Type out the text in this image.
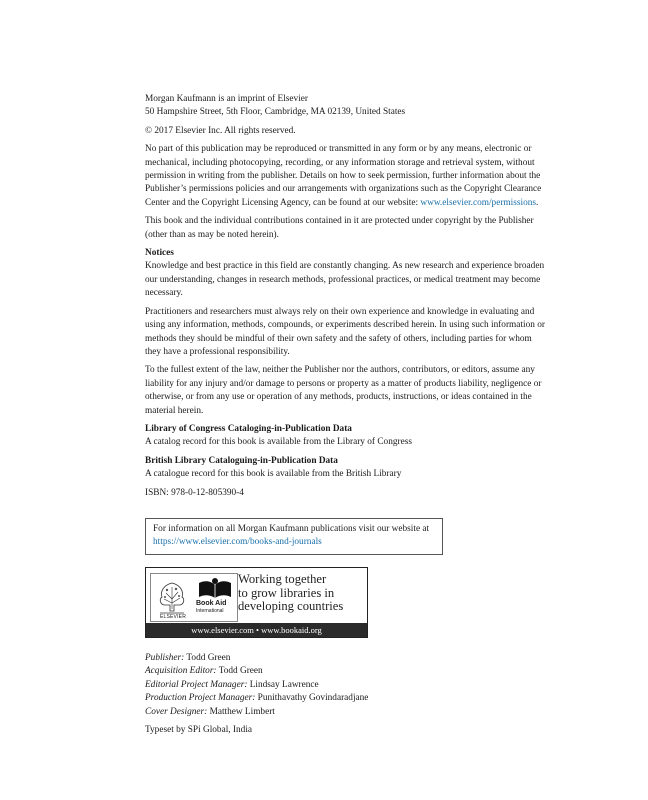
Morgan Kaufmann is an imprint of Elsevier

50 Hampshire Street, 5th Floor, Cambridge, MA 02139, United States

© 2017 Elsevier Inc. All rights reserved.

No part of this publication may be reproduced or transmitted in any form or by any means, electronic or mechanical, including photocopying, recording, or any information storage and retrieval system, without permission in writing from the publisher. Details on how to seek permission, further information about the Publisher’s permissions policies and our arrangements with organizations such as the Copyright Clearance Center and the Copyright Licensing Agency, can be found at our website: www.elsevier.com/permissions.

This book and the individual contributions contained in it are protected under copyright by the Publisher (other than as may be noted herein).

Notices

Knowledge and best practice in this field are constantly changing. As new research and experience broaden our understanding, changes in research methods, professional practices, or medical treatment may become necessary.

Practitioners and researchers must always rely on their own experience and knowledge in evaluating and using any information, methods, compounds, or experiments described herein. In using such information or methods they should be mindful of their own safety and the safety of others, including parties for whom they have a professional responsibility.

To the fullest extent of the law, neither the Publisher nor the authors, contributors, or editors, assume any liability for any injury and/or damage to persons or property as a matter of products liability, negligence or otherwise, or from any use or operation of any methods, products, instructions, or ideas contained in the material herein.

Library of Congress Cataloging-in-Publication Data

A catalog record for this book is available from the Library of Congress

British Library Cataloguing-in-Publication Data

A catalogue record for this book is available from the British Library

ISBN: 978-0-12-805390-4

For information on all Morgan Kaufmann publications visit our website at https://www.elsevier.com/books-and-journals
ELSEVIER
Book Aid
International
Working together
to grow libraries in
developing countries
www.elsevier.com • www.bookaid.org
Publisher: Todd Green
Acquisition Editor: Todd Green
Editorial Project Manager: Lindsay Lawrence
Production Project Manager: Punithavathy Govindaradjane
Cover Designer: Matthew Limbert
Typeset by SPi Global, India
